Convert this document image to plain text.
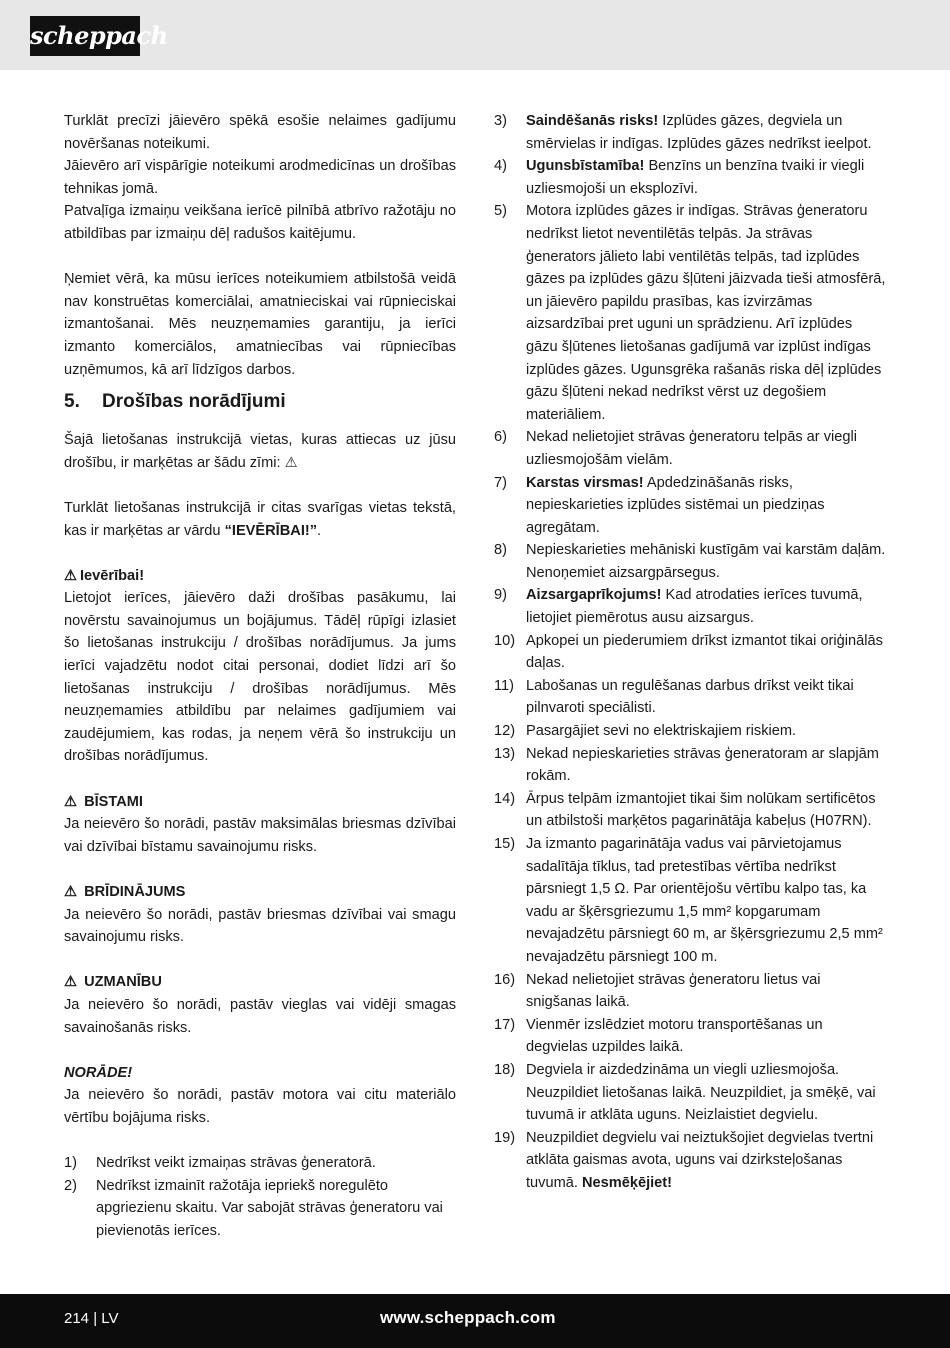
scheppach

Turklāt precīzi jāievēro spēkā esošie nelaimes gadījumu novēršanas noteikumi.

Jāievēro arī vispārīgie noteikumi arodmedicīnas un drošības tehnikas jomā.

Patvaļīga izmaiņu veikšana ierīcē pilnībā atbrīvo ražotāju no atbildības par izmaiņu dēļ radušos kaitējumu.

Ņemiet vērā, ka mūsu ierīces noteikumiem atbilstošā veidā nav konstruētas komerciālai, amatnieciskai vai rūpnieciskai izmantošanai. Mēs neuzņemamies garantiju, ja ierīci izmanto komerciālos, amatniecības vai rūpniecības uzņēmumos, kā arī līdzīgos darbos.

5.	Drošības norādījumi

Šajā lietošanas instrukcijā vietas, kuras attiecas uz jūsu drošību, ir marķētas ar šādu zīmi: ⚠

Turklāt lietošanas instrukcijā ir citas svarīgas vietas tekstā, kas ir marķētas ar vārdu “IEVĒRĪBAI!”.

⚠ Ievērībai!

Lietojot ierīces, jāievēro daži drošības pasākumu, lai novērstu savainojumus un bojājumus. Tādēļ rūpīgi izlasiet šo lietošanas instrukciju / drošības norādījumus. Ja jums ierīci vajadzētu nodot citai personai, dodiet līdzi arī šo lietošanas instrukciju / drošības norādījumus. Mēs neuzņemamies atbildību par nelaimes gadījumiem vai zaudējumiem, kas rodas, ja neņem vērā šo instrukciju un drošības norādījumus.

⚠ BĪSTAMI

Ja neievēro šo norādi, pastāv maksimālas briesmas dzīvībai vai dzīvībai bīstamu savainojumu risks.

⚠ BRĪDINĀJUMS

Ja neievēro šo norādi, pastāv briesmas dzīvībai vai smagu savainojumu risks.

⚠ UZMANĪBU

Ja neievēro šo norādi, pastāv vieglas vai vidēji smagas savainošanās risks.

NORĀDE!

Ja neievēro šo norādi, pastāv motora vai citu materiālo vērtību bojājuma risks.

1)	Nedrīkst veikt izmaiņas strāvas ģeneratorā.
2)	Nedrīkst izmainīt ražotāja iepriekš noregulēto apgriezienu skaitu. Var sabojāt strāvas ģeneratoru vai pievienotās ierīces.
3)	Saindēšanās risks! Izplūdes gāzes, degviela un smērvielas ir indīgas. Izplūdes gāzes nedrīkst ieelpot.
4)	Ugunsbīstamība! Benzīns un benzīna tvaiki ir viegli uzliesmojoši un eksplozīvi.
5)	Motora izplūdes gāzes ir indīgas. Strāvas ģeneratoru nedrīkst lietot neventilētās telpās. Ja strāvas ģenerators jālieto labi ventilētās telpās, tad izplūdes gāzes pa izplūdes gāzu šļūteni jāizvada tieši atmosfērā, un jāievēro papildu prasības, kas izvirzāmas aizsardzībai pret uguni un sprādzienu. Arī izplūdes gāzu šļūtenes lietošanas gadījumā var izplūst indīgas izplūdes gāzes. Ugunsgrēka rašanās riska dēļ izplūdes gāzu šļūteni nekad nedrīkst vērst uz degošiem materiāliem.
6)	Nekad nelietojiet strāvas ģeneratoru telpās ar viegli uzliesmojošām vielām.
7)	Karstas virsmas! Apdedzināšanās risks, nepieskarieties izplūdes sistēmai un piedziņas agregātam.
8)	Nepieskarieties mehāniski kustīgām vai karstām daļām. Nenoņemiet aizsargpārsegus.
9)	Aizsargaprīkojums! Kad atrodaties ierīces tuvumā, lietojiet piemērotus ausu aizsargus.
10) Apkopei un piederumiem drīkst izmantot tikai oriģinālās daļas.
11) Labošanas un regulēšanas darbus drīkst veikt tikai pilnvaroti speciālisti.
12) Pasargājiet sevi no elektriskajiem riskiem.
13) Nekad nepieskarieties strāvas ģeneratoram ar slapjām rokām.
14) Ārpus telpām izmantojiet tikai šim nolūkam sertificētos un atbilstoši marķētos pagarinātāja kabeļus (H07RN).
15) Ja izmanto pagarinātāja vadus vai pārvietojamus sadalītāja tīklus, tad pretestības vērtība nedrīkst pārsniegt 1,5 Ω. Par orientējošu vērtību kalpo tas, ka vadu ar šķērsgriezumu 1,5 mm² kopgarumam nevajadzētu pārsniegt 60 m, ar šķērsgriezumu 2,5 mm² nevajadzētu pārsniegt 100 m.
16) Nekad nelietojiet strāvas ģeneratoru lietus vai snigšanas laikā.
17) Vienmēr izslēdziet motoru transportēšanas un degvielas uzpildes laikā.
18) Degviela ir aizdedzināma un viegli uzliesmojoša. Neuzpildiet lietošanas laikā. Neuzpildiet, ja smēķē, vai tuvumā ir atklāta uguns. Neizlaistiet degvielu.
19) Neuzpildiet degvielu vai neiztukšojiet degvielas tvertni atklāta gaismas avota, uguns vai dzirksteļošanas tuvumā. Nesmēķējiet!
214 | LV	www.scheppach.com
